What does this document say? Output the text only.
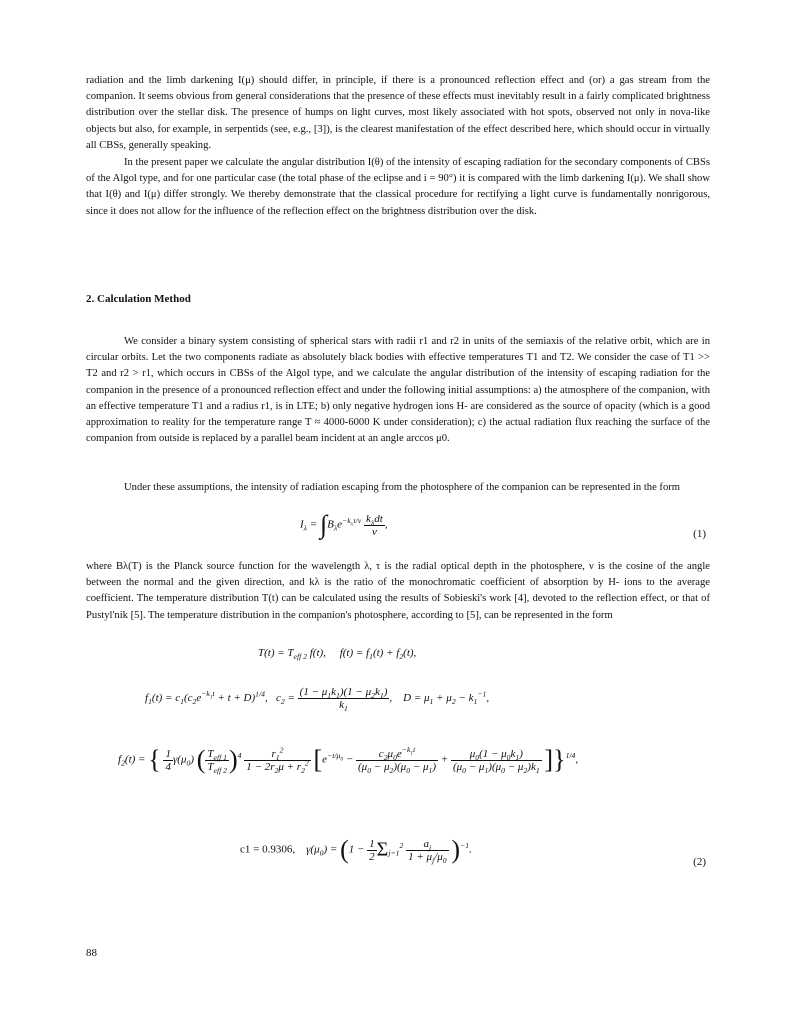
radiation and the limb darkening I(μ) should differ, in principle, if there is a pronounced reflection effect and (or) a gas stream from the companion. It seems obvious from general considerations that the presence of these effects must inevitably result in a fairly complicated brightness distribution over the stellar disk. The presence of humps on light curves, most likely associated with hot spots, observed not only in nova-like objects but also, for example, in serpentids (see, e.g., [3]), is the clearest manifestation of the effect described here, which should occur in virtually all CBSs, generally speaking.

In the present paper we calculate the angular distribution I(θ) of the intensity of escaping radiation for the secondary components of CBSs of the Algol type, and for one particular case (the total phase of the eclipse and i = 90°) it is compared with the limb darkening I(μ). We shall show that I(θ) and I(μ) differ strongly. We thereby demonstrate that the classical procedure for rectifying a light curve is fundamentally nonrigorous, since it does not allow for the influence of the reflection effect on the brightness distribution over the disk.

2. Calculation Method

We consider a binary system consisting of spherical stars with radii r1 and r2 in units of the semiaxis of the relative orbit, which are in circular orbits. Let the two components radiate as absolutely black bodies with effective temperatures T1 and T2. We consider the case of T1 >> T2 and r2 > r1, which occurs in CBSs of the Algol type, and we calculate the angular distribution of the intensity of escaping radiation for the companion in the presence of a pronounced reflection effect and under the following initial assumptions: a) the atmosphere of the companion, with an effective temperature T1 and a radius r1, is in LTE; b) only negative hydrogen ions H- are considered as the source of opacity (which is a good approximation to reality for the temperature range T ≈ 4000-6000 K under consideration); c) the actual radiation flux reaching the surface of the companion from outside is replaced by a parallel beam incident at an angle arccos μ0.

Under these assumptions, the intensity of radiation escaping from the photosphere of the companion can be represented in the form

$I_\lambda = \int B_\lambda e^{-k_\lambda\tau/\nu} \frac{k_\lambda dt}{\nu}$ ,
(1)

where Bλ(T) is the Planck source function for the wavelength λ, τ is the radial optical depth in the photosphere, ν is the cosine of the angle between the normal and the given direction, and kλ is the ratio of the monochromatic coefficient of absorption by H- ions to the average coefficient. The temperature distribution T(t) can be calculated using the results of Sobieski's work [4], devoted to the reflection effect, or that of Pustyl'nik [5]. The temperature distribution in the companion's photosphere, according to [5], can be represented in the form

$T(t) = T_{eff 2}$ f(t),     $f(t) = f_1(t) + f_2(t)$,
$f_1(t) = c_1(c_2e^{-k_1t} + t + D)^{1/4}$,   $c_2 = \frac{(1 - \mu_1k_1)(1 - \mu_2k_1)}{k_1}$ ,    $D = \mu_1 + \mu_2 - k_1^{-1}$,
$f_2(t)$ = { $\frac{1}{4} \gamma(\mu_0)$ ( $\frac{T_{eff 1}}{T_{eff 2}} )^4 \frac{r_1^2}{1 - 2r_2\mu + r_2^2} [e^{-t/\mu_0} - \frac{c_2\mu_0e^{-k_1t}}{(\mu_0 - \mu_2)(\mu_0 - \mu_1)} + \frac{\mu_0(1 - \mu_0k_1)}{(\mu_0 - \mu_1)(\mu_0 - \mu_2)k_1} ]\}^{1/4}$,
c1 = 0.9306,    $\gamma(\mu_0) = (1 - \frac{1}{2} \Sigma_{j=1}^2 \frac{a_j}{1 + \mu_j/\mu_0} )^{-1}$.
(2)
88
